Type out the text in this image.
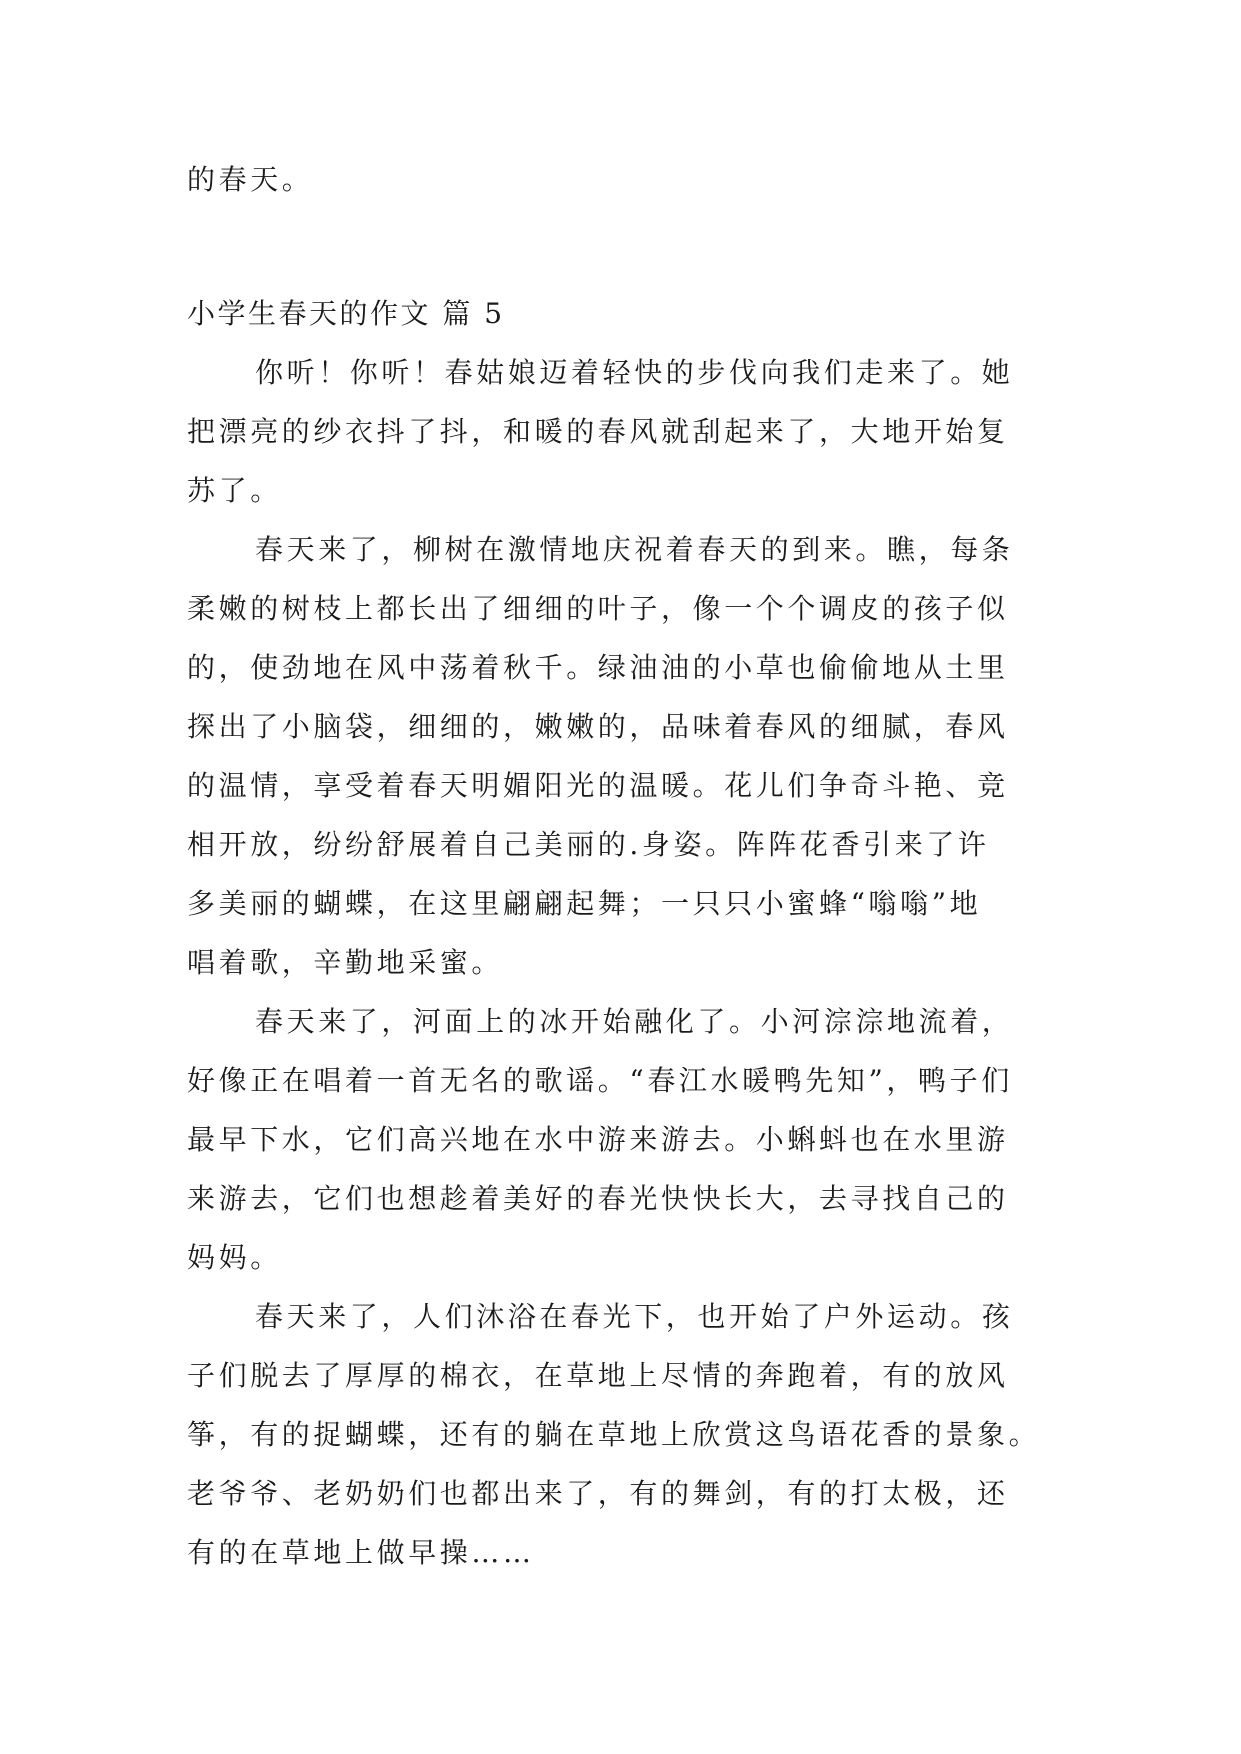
的春天。
小学生春天的作文 篇 5
你听！你听！春姑娘迈着轻快的步伐向我们走来了。她
把漂亮的纱衣抖了抖，和暖的春风就刮起来了，大地开始复
苏了。
春天来了，柳树在激情地庆祝着春天的到来。瞧，每条
柔嫩的树枝上都长出了细细的叶子，像一个个调皮的孩子似
的，使劲地在风中荡着秋千。绿油油的小草也偷偷地从土里
探出了小脑袋，细细的，嫩嫩的，品味着春风的细腻，春风
的温情，享受着春天明媚阳光的温暖。花儿们争奇斗艳、竞
相开放，纷纷舒展着自己美丽的.身姿。阵阵花香引来了许
多美丽的蝴蝶，在这里翩翩起舞；一只只小蜜蜂“嗡嗡”地
唱着歌，辛勤地采蜜。
春天来了，河面上的冰开始融化了。小河淙淙地流着，
好像正在唱着一首无名的歌谣。“春江水暖鸭先知”，鸭子们
最早下水，它们高兴地在水中游来游去。小蝌蚪也在水里游
来游去，它们也想趁着美好的春光快快长大，去寻找自己的
妈妈。
春天来了，人们沐浴在春光下，也开始了户外运动。孩
子们脱去了厚厚的棉衣，在草地上尽情的奔跑着，有的放风
筝，有的捉蝴蝶，还有的躺在草地上欣赏这鸟语花香的景象。
老爷爷、老奶奶们也都出来了，有的舞剑，有的打太极，还
有的在草地上做早操……
